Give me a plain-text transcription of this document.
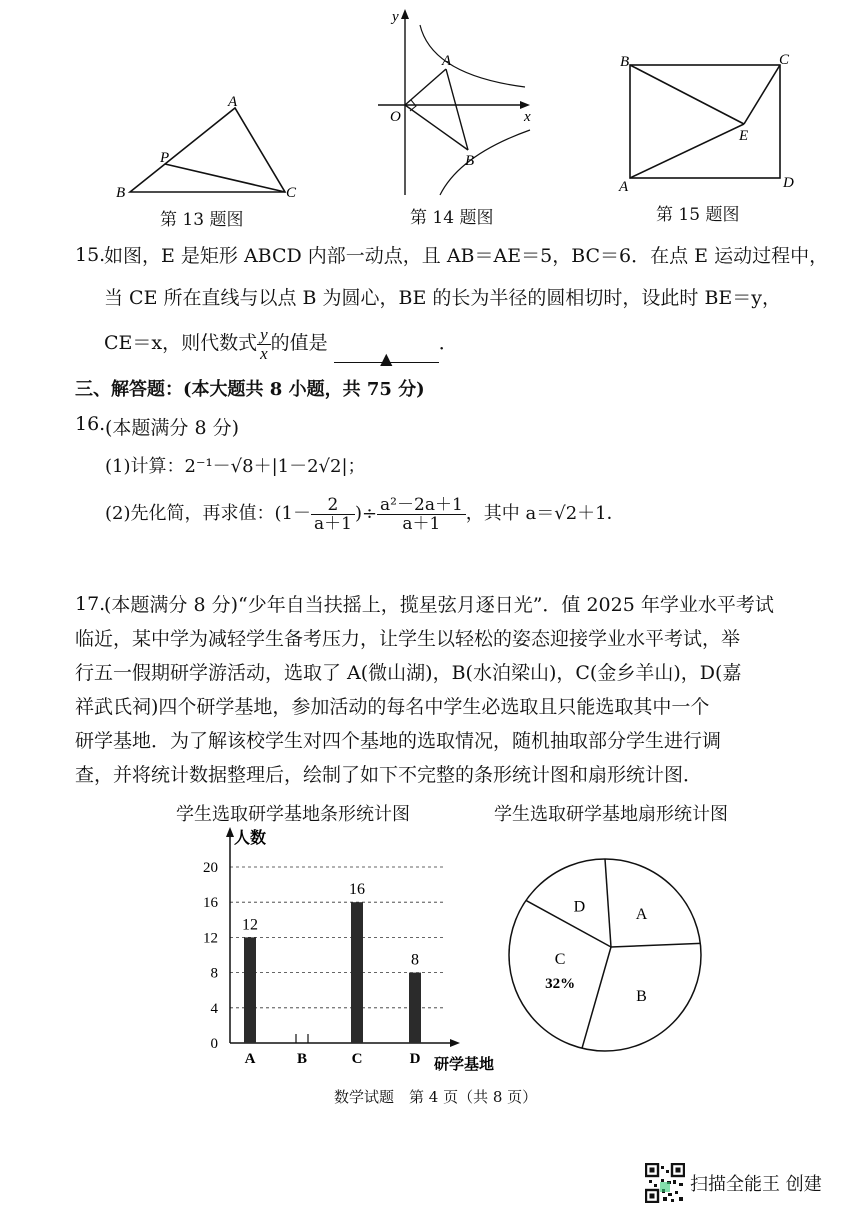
A
P
B	C
第 13 题图
y
x
O
A
B
第 14 题图
B	C
E
A	D
第 15 题图
15.
如图，E 是矩形 ABCD 内部一动点，且 AB＝AE＝5，BC＝6．在点 E 运动过程中，
当 CE 所在直线与以点 B 为圆心，BE 的长为半径的圆相切时，设此时 BE＝y，
CE＝x，则代数式 $\frac{y}{x}$ 的值是 ▲．
三、解答题：(本大题共 8 小题，共 75 分)
16. (本题满分 8 分)
(1)计算：2⁻¹－√8＋|1－2√2|；
(2)先化简，再求值：($1- \frac{2}{a+1}$ )÷ $\frac{\text{a²－2a＋1}}{a+1}$ ，其中 a＝√2＋1．
17.
(本题满分 8 分)“少年自当扶摇上，揽星弦月逐日光”．值 2025 年学业水平考试
临近，某中学为减轻学生备考压力，让学生以轻松的姿态迎接学业水平考试，举
行五一假期研学游活动，选取了 A(微山湖)，B(水泊梁山)，C(金乡羊山)，D(嘉
祥武氏祠)四个研学基地，参加活动的每名中学生必选取且只能选取其中一个
研学基地．为了解该校学生对四个基地的选取情况，随机抽取部分学生进行调
查，并将统计数据整理后，绘制了如下不完整的条形统计图和扇形统计图．
学生选取研学基地条形统计图	学生选取研学基地扇形统计图
0
4
8
12
16
20
人数
研学基地
12
A	B
16
C
8
D
A
B
C
32%
D
数学试题　第 4 页（共 8 页）
扫描全能王 创建
